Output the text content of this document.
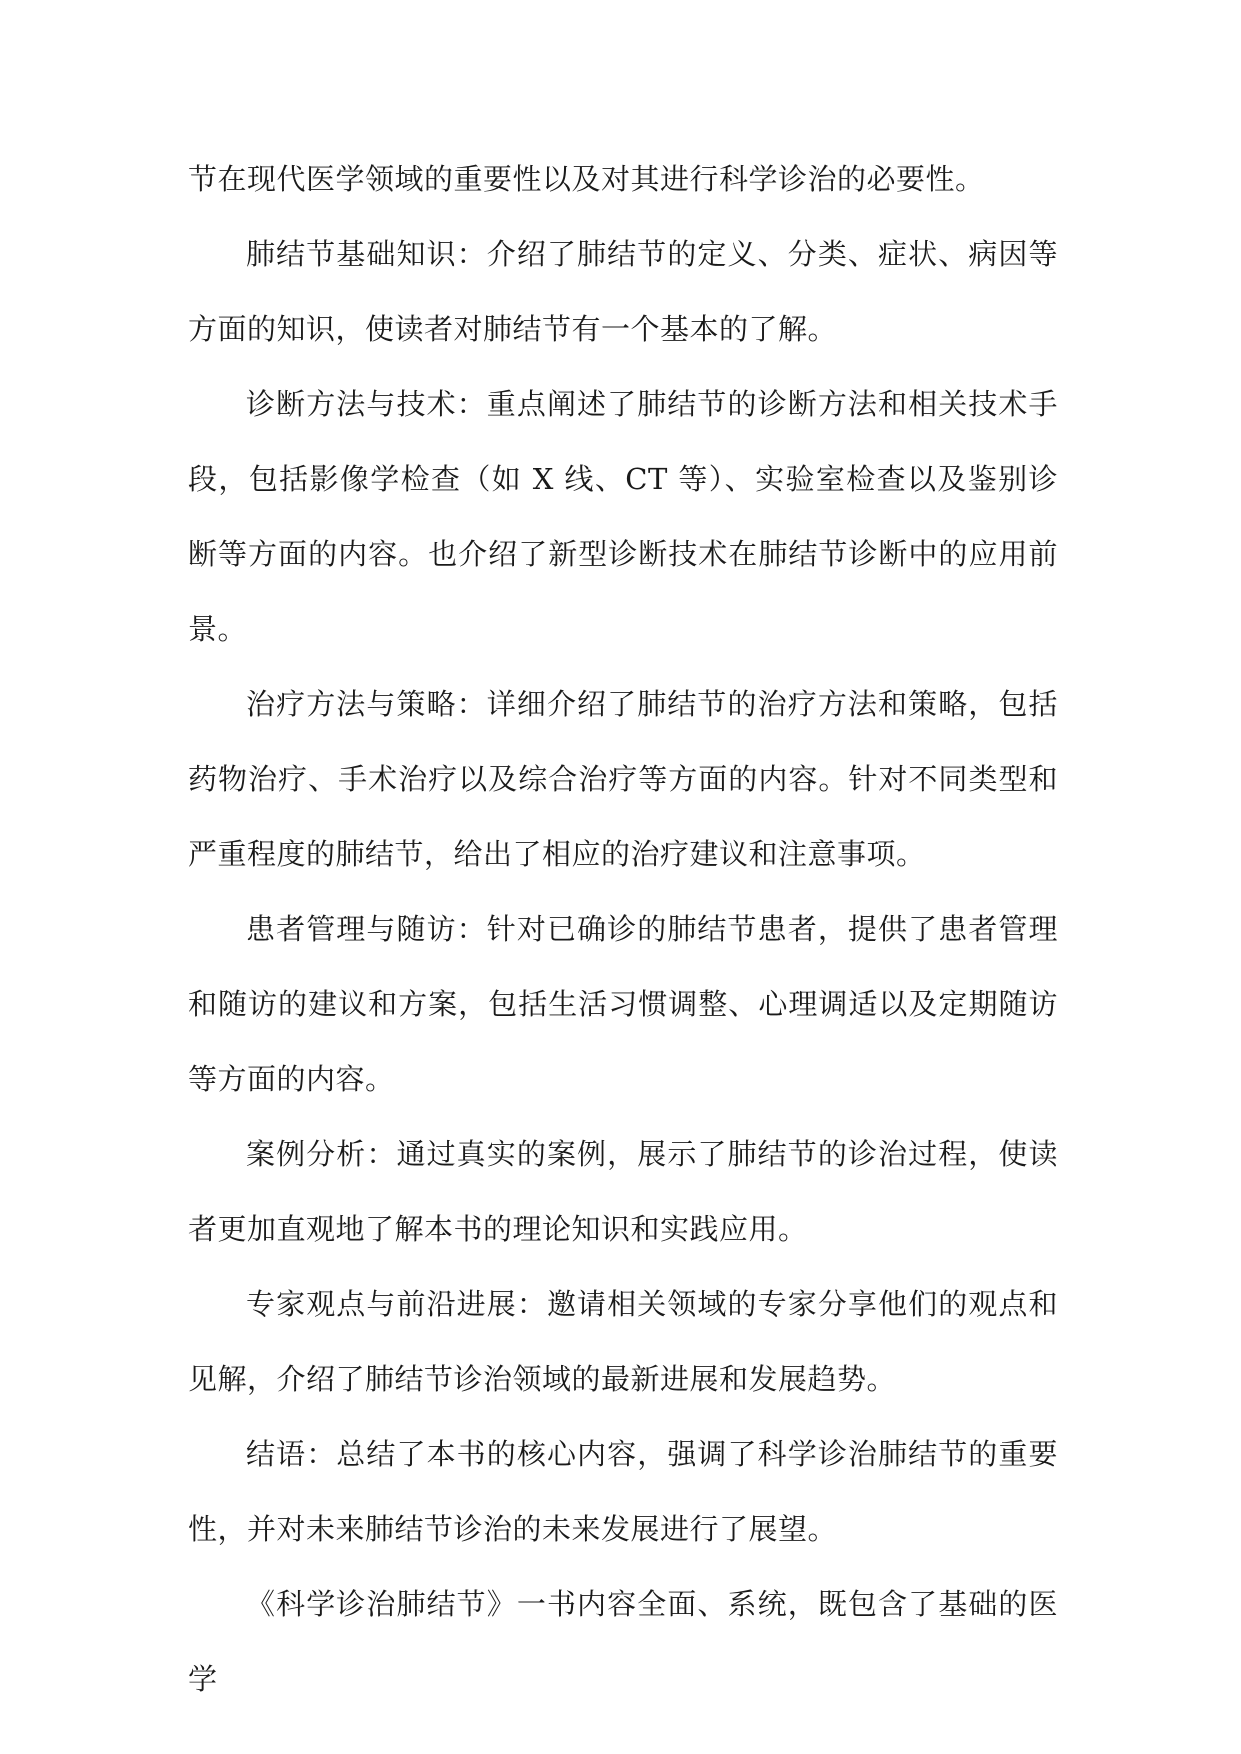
节在现代医学领域的重要性以及对其进行科学诊治的必要性。

肺结节基础知识：介绍了肺结节的定义、分类、症状、病因等方面的知识，使读者对肺结节有一个基本的了解。

诊断方法与技术：重点阐述了肺结节的诊断方法和相关技术手段，包括影像学检查（如 X 线、CT 等）、实验室检查以及鉴别诊断等方面的内容。也介绍了新型诊断技术在肺结节诊断中的应用前景。

治疗方法与策略：详细介绍了肺结节的治疗方法和策略，包括药物治疗、手术治疗以及综合治疗等方面的内容。针对不同类型和严重程度的肺结节，给出了相应的治疗建议和注意事项。

患者管理与随访：针对已确诊的肺结节患者，提供了患者管理和随访的建议和方案，包括生活习惯调整、心理调适以及定期随访等方面的内容。

案例分析：通过真实的案例，展示了肺结节的诊治过程，使读者更加直观地了解本书的理论知识和实践应用。

专家观点与前沿进展：邀请相关领域的专家分享他们的观点和见解，介绍了肺结节诊治领域的最新进展和发展趋势。

结语：总结了本书的核心内容，强调了科学诊治肺结节的重要性，并对未来肺结节诊治的未来发展进行了展望。

《科学诊治肺结节》一书内容全面、系统，既包含了基础的医学
